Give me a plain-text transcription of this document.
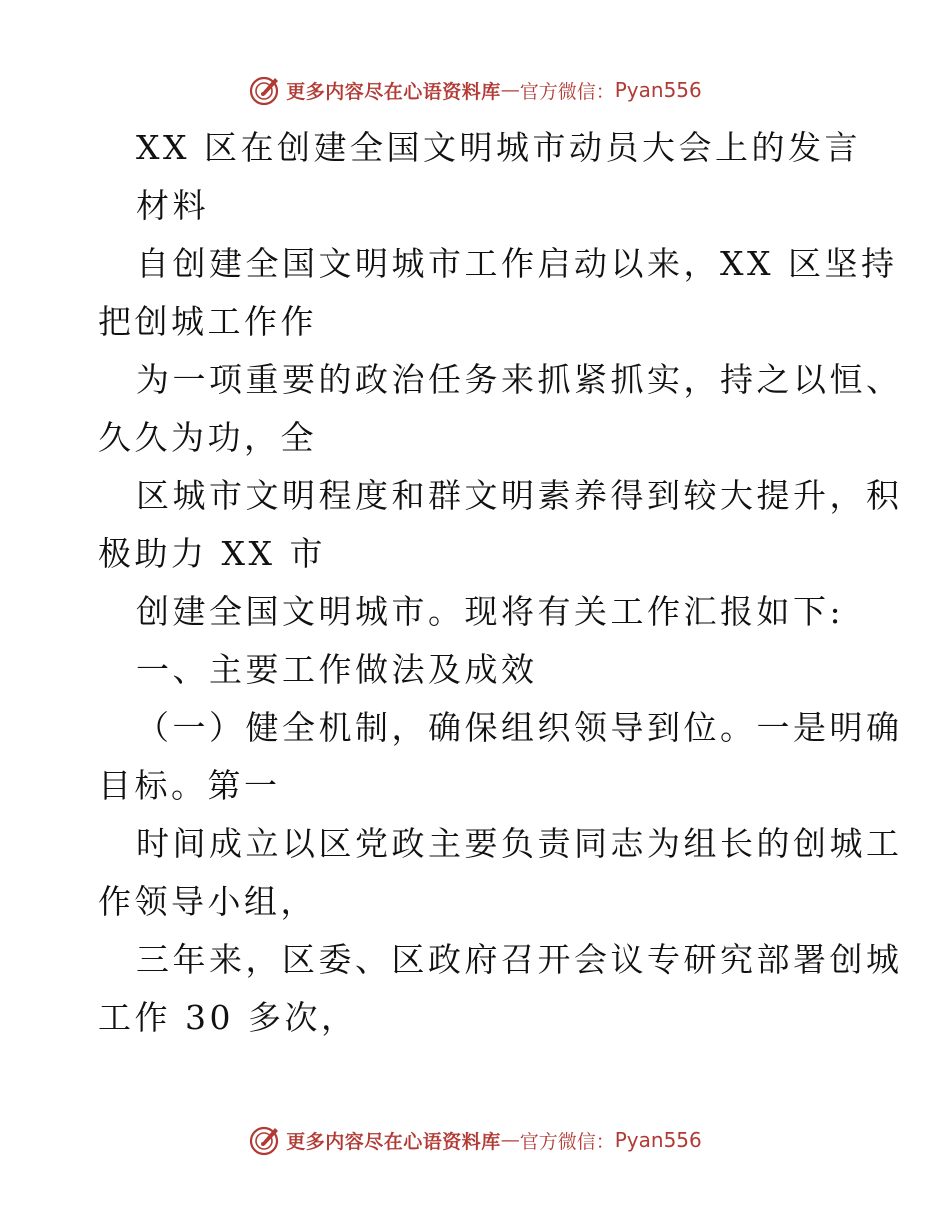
更多内容尽在心语资料库 — 官方微信： Pyan556
XX 区在创建全国文明城市动员大会上的发言
材料
自创建全国文明城市工作启动以来，XX 区坚持
把创城工作作
为一项重要的政治任务来抓紧抓实，持之以恒、
久久为功，全
区城市文明程度和群文明素养得到较大提升，积
极助力 XX 市
创建全国文明城市。现将有关工作汇报如下:
一、主要工作做法及成效
（一）健全机制，确保组织领导到位。一是明确
目标。第一
时间成立以区党政主要负责同志为组长的创城工
作领导小组，
三年来，区委、区政府召开会议专研究部署创城
工作 30 多次，
更多内容尽在心语资料库 — 官方微信： Pyan556
